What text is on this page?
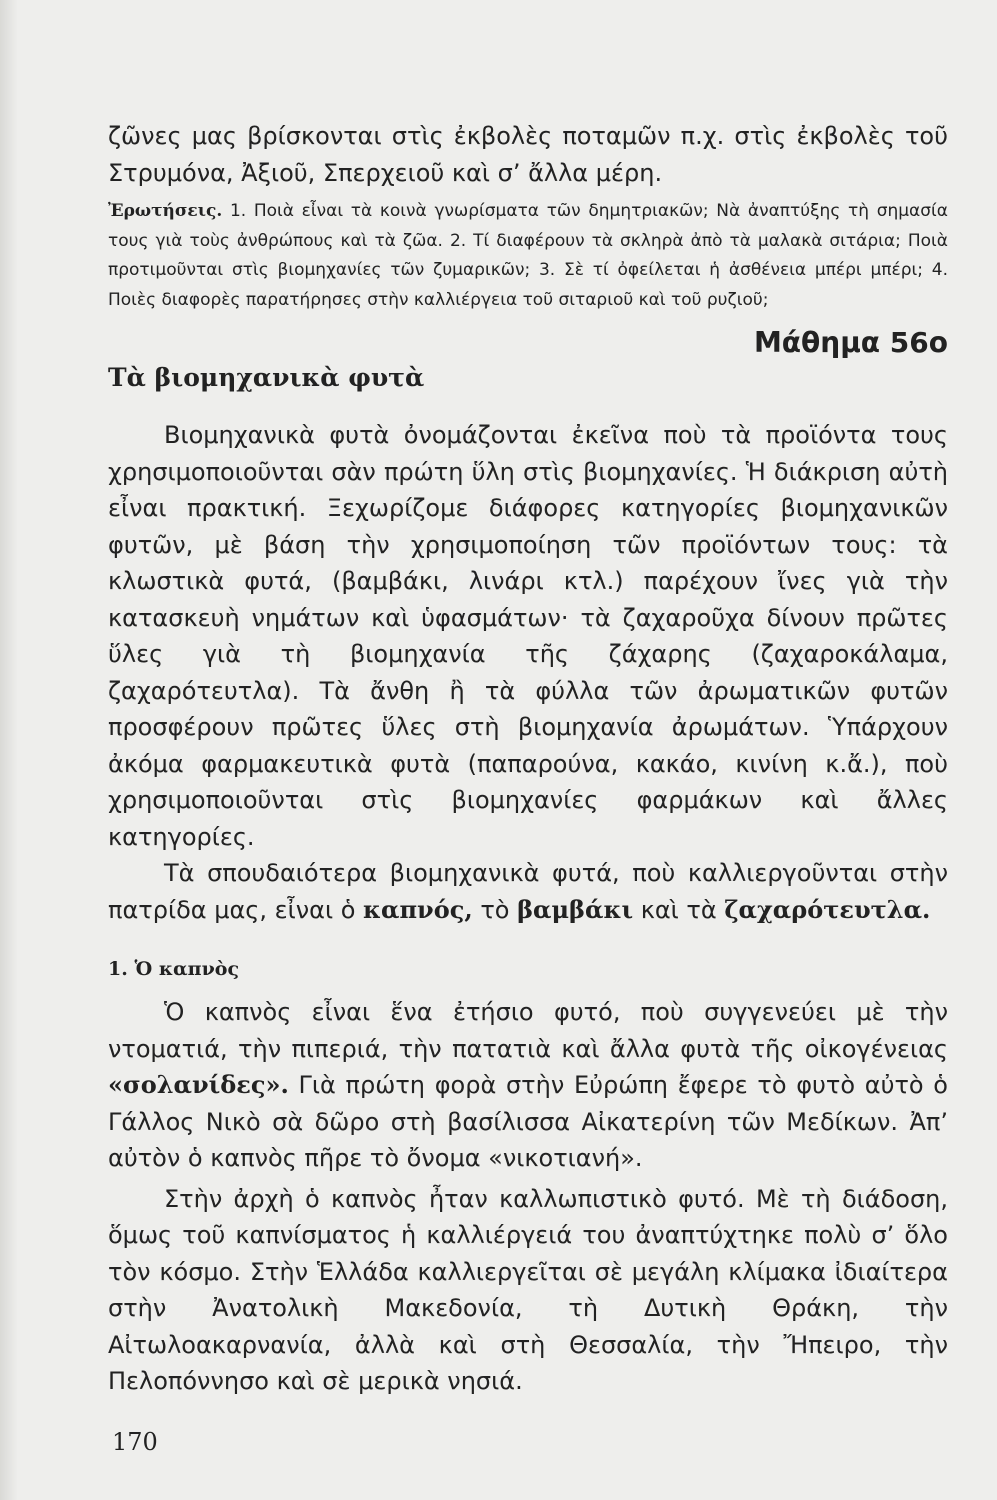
ζῶνες μας βρίσκονται στὶς ἐκβολὲς ποταμῶν π.χ. στὶς ἐκβολὲς τοῦ Στρυμόνα, Ἀξιοῦ, Σπερχειοῦ καὶ σ’ ἄλλα μέρη.

Ἐρωτήσεις. 1. Ποιὰ εἶναι τὰ κοινὰ γνωρίσματα τῶν δημητριακῶν; Νὰ ἀναπτύξης τὴ σημασία τους γιὰ τοὺς ἀνθρώπους καὶ τὰ ζῶα. 2. Τί διαφέρουν τὰ σκληρὰ ἀπὸ τὰ μαλακὰ σιτάρια; Ποιὰ προτιμοῦνται στὶς βιομηχανίες τῶν ζυμαρικῶν; 3. Σὲ τί ὀφείλεται ἡ ἀσθένεια μπέρι μπέρι; 4. Ποιὲς διαφορὲς παρατήρησες στὴν καλλιέργεια τοῦ σιταριοῦ καὶ τοῦ ρυζιοῦ;

Μάθημα 56ο
Τὰ βιομηχανικὰ φυτὰ

Βιομηχανικὰ φυτὰ ὀνομάζονται ἐκεῖνα ποὺ τὰ προϊόντα τους χρησιμοποιοῦνται σὰν πρώτη ὕλη στὶς βιομηχανίες. Ἡ διάκριση αὐτὴ εἶναι πρακτική. Ξεχωρίζομε διάφορες κατηγορίες βιομηχανικῶν φυτῶν, μὲ βάση τὴν χρησιμοποίηση τῶν προϊόντων τους: τὰ κλωστικὰ φυτά, (βαμβάκι, λινάρι κτλ.) παρέχουν ἴνες γιὰ τὴν κατασκευὴ νημάτων καὶ ὑφασμάτων· τὰ ζαχαροῦχα δίνουν πρῶτες ὕλες γιὰ τὴ βιομηχανία τῆς ζάχαρης (ζαχαροκάλαμα, ζαχαρότευτλα). Τὰ ἄνθη ἢ τὰ φύλλα τῶν ἀρωματικῶν φυτῶν προσφέρουν πρῶτες ὕλες στὴ βιομηχανία ἀρωμάτων. Ὑπάρχουν ἀκόμα φαρμακευτικὰ φυτὰ (παπαρούνα, κακάο, κινίνη κ.ἄ.), ποὺ χρησιμοποιοῦνται στὶς βιομηχανίες φαρμάκων καὶ ἄλλες κατηγορίες.

Τὰ σπουδαιότερα βιομηχανικὰ φυτά, ποὺ καλλιεργοῦνται στὴν πατρίδα μας, εἶναι ὁ καπνός, τὸ βαμβάκι καὶ τὰ ζαχαρότευτλα.

1. Ὁ καπνὸς

Ὁ καπνὸς εἶναι ἕνα ἐτήσιο φυτό, ποὺ συγγενεύει μὲ τὴν ντοματιά, τὴν πιπεριά, τὴν πατατιὰ καὶ ἄλλα φυτὰ τῆς οἰκογένειας «σολανίδες». Γιὰ πρώτη φορὰ στὴν Εὐρώπη ἔφερε τὸ φυτὸ αὐτὸ ὁ Γάλλος Νικὸ σὰ δῶρο στὴ βασίλισσα Αἰκατερίνη τῶν Μεδίκων. Ἀπ’ αὐτὸν ὁ καπνὸς πῆρε τὸ ὄνομα «νικοτιανή».

Στὴν ἀρχὴ ὁ καπνὸς ἦταν καλλωπιστικὸ φυτό. Μὲ τὴ διάδοση, ὅμως τοῦ καπνίσματος ἡ καλλιέργειά του ἀναπτύχτηκε πολὺ σ’ ὅλο τὸν κόσμο. Στὴν Ἑλλάδα καλλιεργεῖται σὲ μεγάλη κλίμακα ἰδιαίτερα στὴν Ἀνατολικὴ Μακεδονία, τὴ Δυτικὴ Θράκη, τὴν Αἰτωλοακαρνανία, ἀλλὰ καὶ στὴ Θεσσαλία, τὴν Ἤπειρο, τὴν Πελοπόννησο καὶ σὲ μερικὰ νησιά.

170
